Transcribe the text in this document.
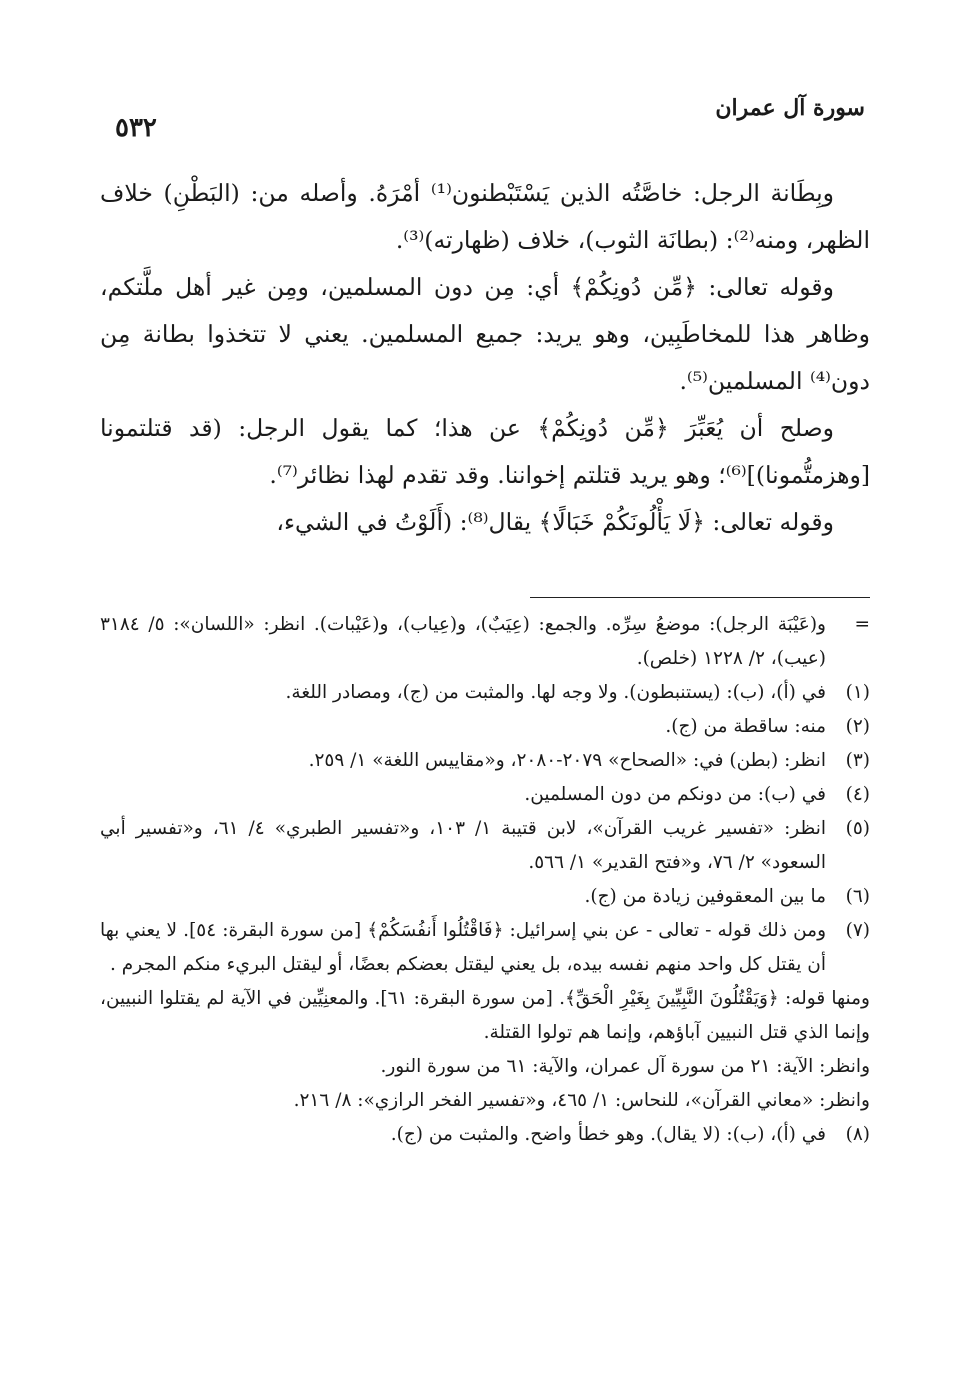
سورة آل عمران
٥٣٢

وبِطَانة الرجل: خاصَّتُه الذين يَسْتَبْطنون⁽¹⁾ أمْرَهُ. وأصله من: (البَطْنِ) خلاف الظهر، ومنه⁽²⁾: (بطانَة الثوب)، خلاف (ظهارته)⁽³⁾.

وقوله تعالى: ﴿مِّن دُونِكُمْ﴾ أي: مِن دون المسلمين، ومِن غير أهل ملَّتكم، وظاهر هذا للمخاطَبِين، وهو يريد: جميع المسلمين. يعني لا تتخذوا بطانة مِن دون⁽⁴⁾ المسلمين⁽⁵⁾.

وصلح أن يُعَبِّرَ ﴿مِّن دُونِكُمْ﴾ عن هذا؛ كما يقول الرجل: (قد قتلتمونا [وهزمتُّمونا)]⁽⁶⁾؛ وهو يريد قتلتم إخواننا. وقد تقدم لهذا نظائر⁽⁷⁾.

وقوله تعالى: ﴿لَا يَأْلُونَكُمْ خَبَالًا﴾ يقال⁽⁸⁾: (أَلَوْتُ في الشيء،

=
و(عَيْبَة الرجل): موضعُ سِرِّه. والجمع: (عِيَبٌ)، و(عِياب)، و(عَيْبات). انظر: «اللسان»: ٥/ ٣١٨٤ (عيب)، ٢/ ١٢٢٨ (خلص).
(١)
في (أ)، (ب): (يستنبطون). ولا وجه لها. والمثبت من (ج)، ومصادر اللغة.
(٢)
منه: ساقطة من (ج).
(٣)
انظر: (بطن) في: «الصحاح» ٢٠٧٩-٢٠٨٠، و«مقاييس اللغة» ١/ ٢٥٩.
(٤)
في (ب): من دونكم من دون المسلمين.
(٥)
انظر: «تفسير غريب القرآن»، لابن قتيبة ١/ ١٠٣، و«تفسير الطبري» ٤/ ٦١، و«تفسير أبي السعود» ٢/ ٧٦، و«فتح القدير» ١/ ٥٦٦.
(٦)
ما بين المعقوفين زيادة من (ج).
(٧)
ومن ذلك قوله - تعالى - عن بني إسرائيل: ﴿فَاقْتُلُوا أَنفُسَكُمْ﴾ [من سورة البقرة: ٥٤]. لا يعني بها أن يقتل كل واحد منهم نفسه بيده، بل يعني ليقتل بعضكم بعضًا، أو ليقتل البريء منكم المجرم .
ومنها قوله: ﴿وَيَقْتُلُونَ النَّبِيِّينَ بِغَيْرِ الْحَقِّ﴾. [من سورة البقرة: ٦١]. والمعنِيِّين في الآية لم يقتلوا النبيين، وإنما الذي قتل النبيين آباؤهم، وإنما هم تولوا القتلة.
وانظر: الآية: ٢١ من سورة آل عمران، والآية: ٦١ من سورة النور.
وانظر: «معاني القرآن»، للنحاس: ١/ ٤٦٥، و«تفسير الفخر الرازي»: ٨/ ٢١٦.
(٨)
في (أ)، (ب): (لا يقال). وهو خطأ واضح. والمثبت من (ج).
